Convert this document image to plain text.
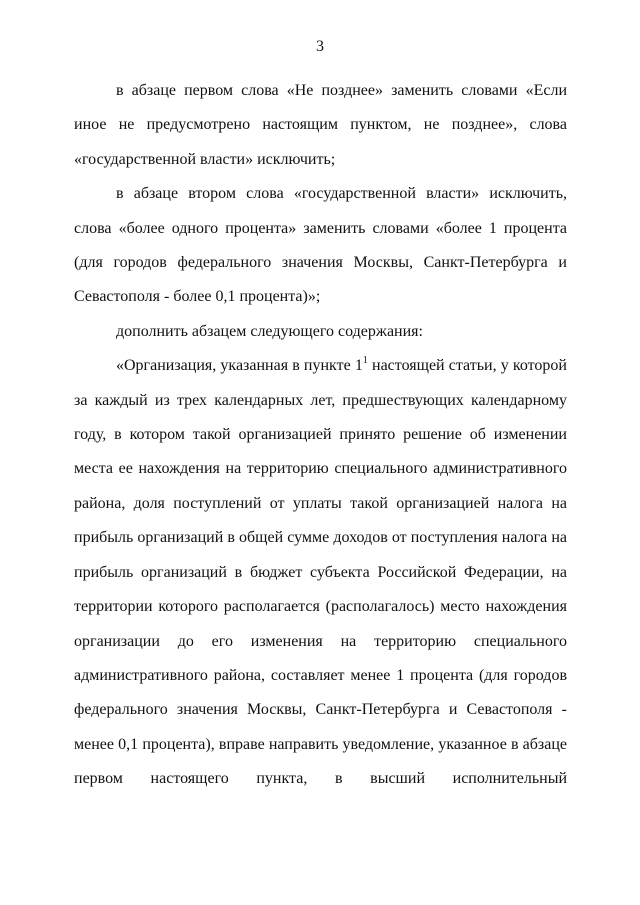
3

в абзаце первом слова «Не позднее» заменить словами «Если иное не предусмотрено настоящим пунктом, не позднее», слова «государственной власти» исключить;

в абзаце втором слова «государственной власти» исключить, слова «более одного процента» заменить словами «более 1 процента (для городов федерального значения Москвы, Санкт-Петербурга и Севастополя - более 0,1 процента)»;

дополнить абзацем следующего содержания:

«Организация, указанная в пункте $1^1$ настоящей статьи, у которой за каждый из трех календарных лет, предшествующих календарному году, в котором такой организацией принято решение об изменении места ее нахождения на территорию специального административного района, доля поступлений от уплаты такой организацией налога на прибыль организаций в общей сумме доходов от поступления налога на прибыль организаций в бюджет субъекта Российской Федерации, на территории которого располагается (располагалось) место нахождения организации до его изменения на территорию специального административного района, составляет менее 1 процента (для городов федерального значения Москвы, Санкт-Петербурга и Севастополя - менее 0,1 процента), вправе направить уведомление, указанное в абзаце первом настоящего пункта, в высший исполнительный
